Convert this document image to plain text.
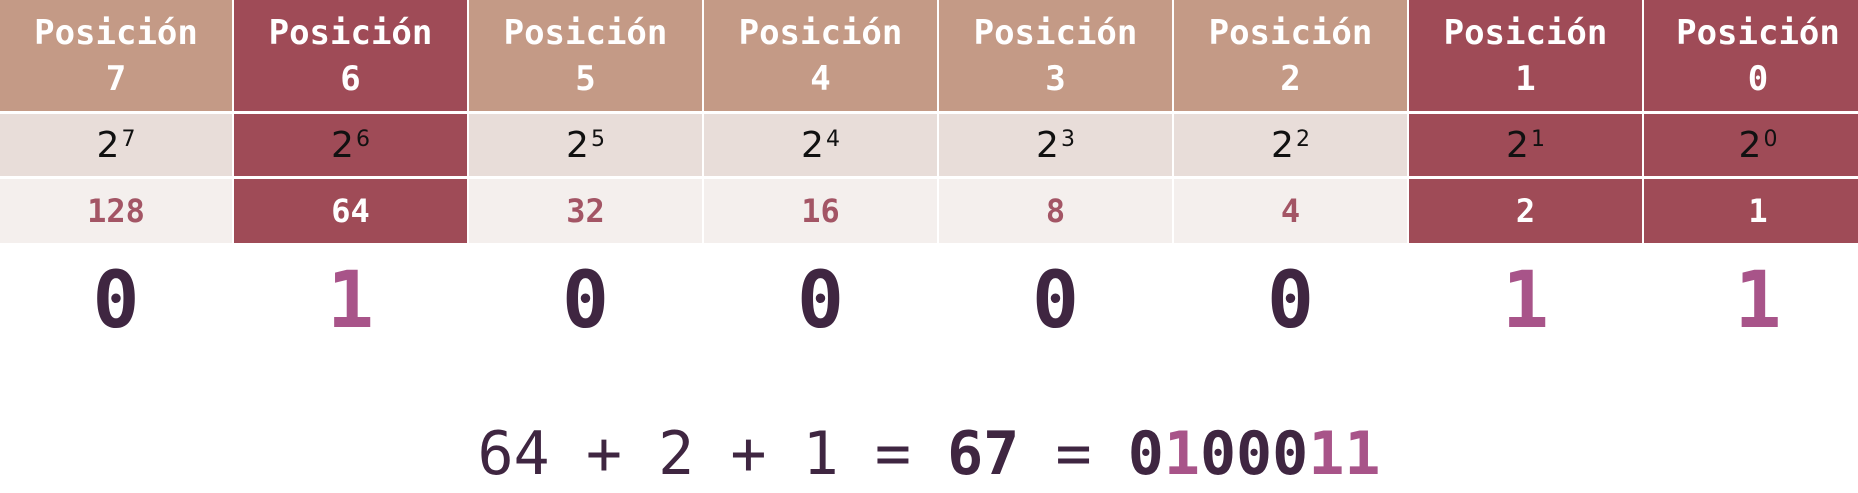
Posición
7
$2^7$
128
0
Posición
6
$2^6$
64
1
Posición
5
$2^5$
32
0
Posición
4
$2^4$
16
0
Posición
3
$2^3$
8
0
Posición
2
$2^2$
4
0
Posición
1
$2^1$
2
1
Posición
0
$2^0$
1
1
64
+
2
+
1
=
67
=
0100011
